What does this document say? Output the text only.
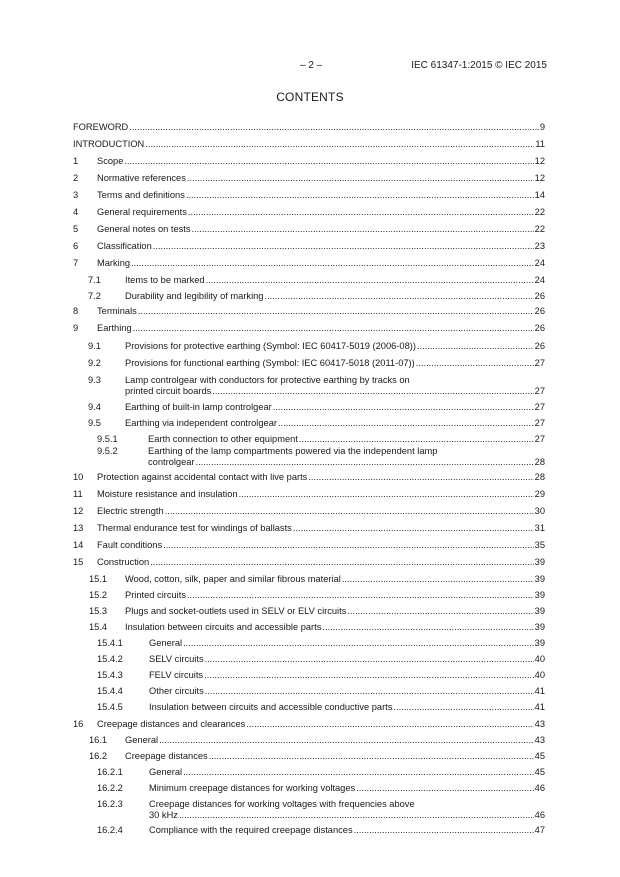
– 2 –	IEC 61347-1:2015 © IEC 2015
CONTENTS
FOREWORD .....	9
INTRODUCTION .....	11
1 Scope .....	12
2 Normative references .....	12
3 Terms and definitions .....	14
4 General requirements .....	22
5 General notes on tests .....	22
6 Classification .....	23
7 Marking .....	24
7.1	Items to be marked .....	24
7.2	Durability and legibility of marking .....	26
8 Terminals .....	26
9 Earthing .....	26
9.1	Provisions for protective earthing (Symbol: IEC 60417-5019 (2006-08)) .....	26
9.2	Provisions for functional earthing (Symbol: IEC 60417-5018 (2011-07)) .....	27
9.3	Lamp controlgear with conductors for protective earthing by tracks on
printed circuit boards .....	27
9.4	Earthing of built-in lamp controlgear .....	27
9.5	Earthing via independent controlgear .....	27
9.5.1	Earth connection to other equipment .....	27
9.5.2	Earthing of the lamp compartments powered via the independent lamp
controlgear .....	28
10 Protection against accidental contact with live parts .....	28
11 Moisture resistance and insulation .....	29
12 Electric strength .....	30
13 Thermal endurance test for windings of ballasts .....	31
14 Fault conditions .....	35
15 Construction .....	39
15.1 Wood, cotton, silk, paper and similar fibrous material .....	39
15.2 Printed circuits .....	39
15.3 Plugs and socket-outlets used in SELV or ELV circuits .....	39
15.4 Insulation between circuits and accessible parts .....	39
15.4.1	General .....	39
15.4.2	SELV circuits .....	40
15.4.3	FELV circuits .....	40
15.4.4	Other circuits .....	41
15.4.5	Insulation between circuits and accessible conductive parts .....	41
16 Creepage distances and clearances .....	43
16.1 General .....	43
16.2 Creepage distances .....	45
16.2.1	General .....	45
16.2.2	Minimum creepage distances for working voltages .....	46
16.2.3	Creepage distances for working voltages with frequencies above
30 kHz .....	46
16.2.4	Compliance with the required creepage distances .....	47
